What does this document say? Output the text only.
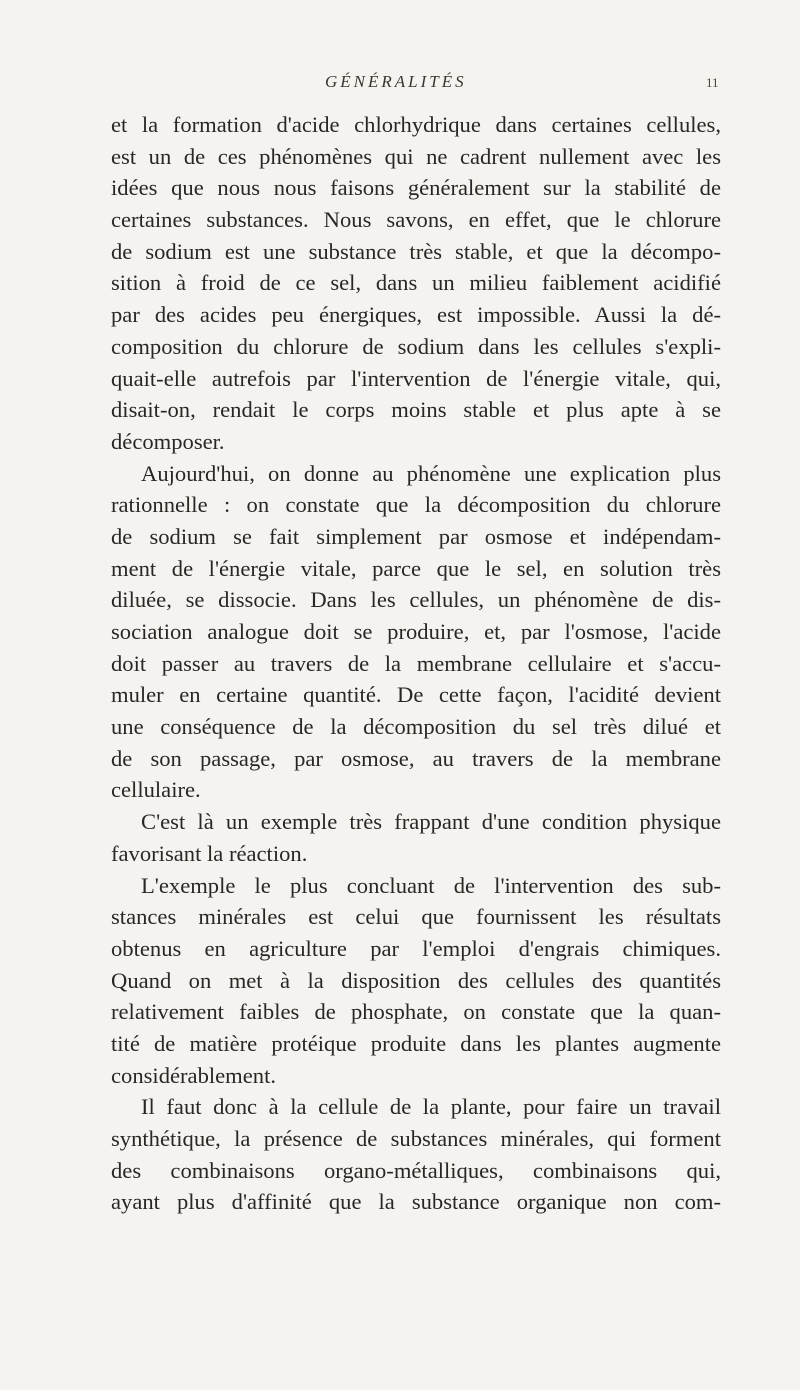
GÉNÉRALITÉS	11
et la formation d'acide chlorhydrique dans certaines cellules,
est un de ces phénomènes qui ne cadrent nullement avec les
idées que nous nous faisons généralement sur la stabilité de
certaines substances. Nous savons, en effet, que le chlorure
de sodium est une substance très stable, et que la décompo-
sition à froid de ce sel, dans un milieu faiblement acidifié
par des acides peu énergiques, est impossible. Aussi la dé-
composition du chlorure de sodium dans les cellules s'expli-
quait-elle autrefois par l'intervention de l'énergie vitale, qui,
disait-on, rendait le corps moins stable et plus apte à se
décomposer.
Aujourd'hui, on donne au phénomène une explication plus
rationnelle : on constate que la décomposition du chlorure
de sodium se fait simplement par osmose et indépendam-
ment de l'énergie vitale, parce que le sel, en solution très
diluée, se dissocie. Dans les cellules, un phénomène de dis-
sociation analogue doit se produire, et, par l'osmose, l'acide
doit passer au travers de la membrane cellulaire et s'accu-
muler en certaine quantité. De cette façon, l'acidité devient
une conséquence de la décomposition du sel très dilué et
de son passage, par osmose, au travers de la membrane
cellulaire.
C'est là un exemple très frappant d'une condition physique
favorisant la réaction.
L'exemple le plus concluant de l'intervention des sub-
stances minérales est celui que fournissent les résultats
obtenus en agriculture par l'emploi d'engrais chimiques.
Quand on met à la disposition des cellules des quantités
relativement faibles de phosphate, on constate que la quan-
tité de matière protéique produite dans les plantes augmente
considérablement.
Il faut donc à la cellule de la plante, pour faire un travail
synthétique, la présence de substances minérales, qui forment
des combinaisons organo-métalliques, combinaisons qui,
ayant plus d'affinité que la substance organique non com-
